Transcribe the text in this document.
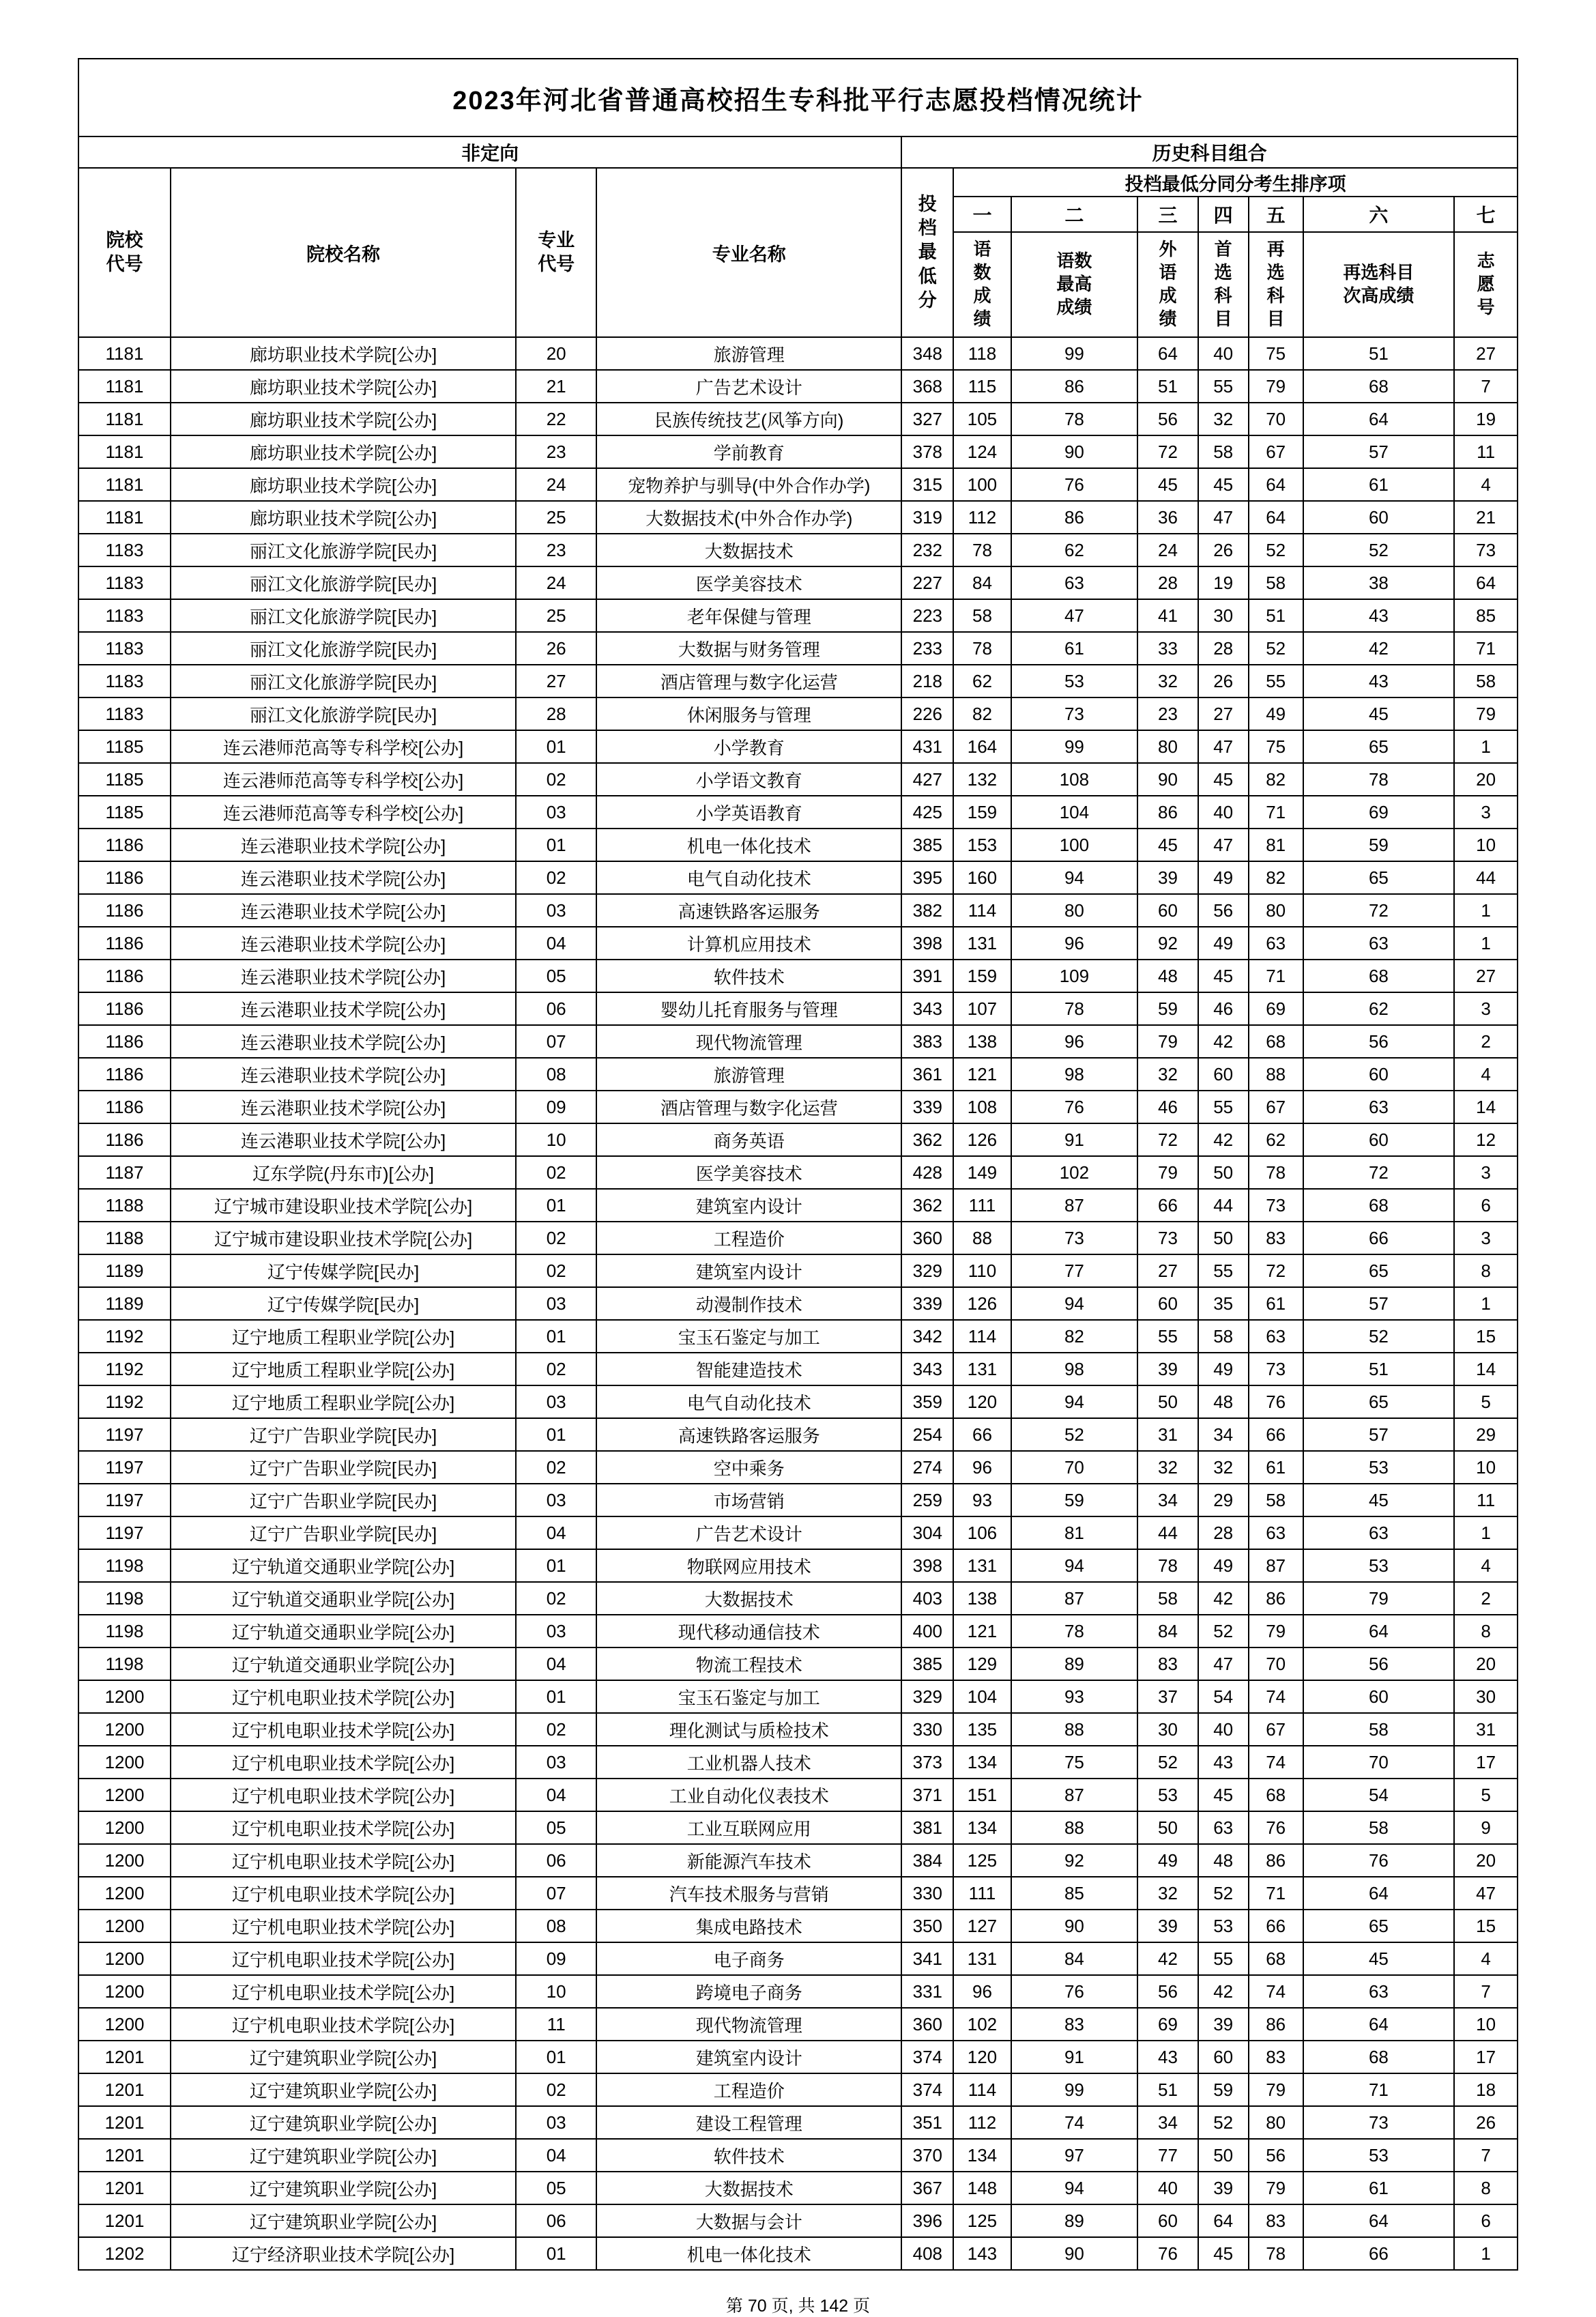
2023年河北省普通高校招生专科批平行志愿投档情况统计											
非定向				历史科目组合							
院校代号	院校名称	专业代号	专业名称	投档最低分	投档最低分同分考生排序项						
					一	二	三	四	五	六	七
					语数成绩	语数最高成绩	外语成绩	首选科目	再选科目	再选科目次高成绩	志愿号
1181	廊坊职业技术学院[公办]	20	旅游管理	348	118	99	64	40	75	51	27
1181	廊坊职业技术学院[公办]	21	广告艺术设计	368	115	86	51	55	79	68	7
1181	廊坊职业技术学院[公办]	22	民族传统技艺(风筝方向)	327	105	78	56	32	70	64	19
1181	廊坊职业技术学院[公办]	23	学前教育	378	124	90	72	58	67	57	11
1181	廊坊职业技术学院[公办]	24	宠物养护与驯导(中外合作办学)	315	100	76	45	45	64	61	4
1181	廊坊职业技术学院[公办]	25	大数据技术(中外合作办学)	319	112	86	36	47	64	60	21
1183	丽江文化旅游学院[民办]	23	大数据技术	232	78	62	24	26	52	52	73
1183	丽江文化旅游学院[民办]	24	医学美容技术	227	84	63	28	19	58	38	64
1183	丽江文化旅游学院[民办]	25	老年保健与管理	223	58	47	41	30	51	43	85
1183	丽江文化旅游学院[民办]	26	大数据与财务管理	233	78	61	33	28	52	42	71
1183	丽江文化旅游学院[民办]	27	酒店管理与数字化运营	218	62	53	32	26	55	43	58
1183	丽江文化旅游学院[民办]	28	休闲服务与管理	226	82	73	23	27	49	45	79
1185	连云港师范高等专科学校[公办]	01	小学教育	431	164	99	80	47	75	65	1
1185	连云港师范高等专科学校[公办]	02	小学语文教育	427	132	108	90	45	82	78	20
1185	连云港师范高等专科学校[公办]	03	小学英语教育	425	159	104	86	40	71	69	3
1186	连云港职业技术学院[公办]	01	机电一体化技术	385	153	100	45	47	81	59	10
1186	连云港职业技术学院[公办]	02	电气自动化技术	395	160	94	39	49	82	65	44
1186	连云港职业技术学院[公办]	03	高速铁路客运服务	382	114	80	60	56	80	72	1
1186	连云港职业技术学院[公办]	04	计算机应用技术	398	131	96	92	49	63	63	1
1186	连云港职业技术学院[公办]	05	软件技术	391	159	109	48	45	71	68	27
1186	连云港职业技术学院[公办]	06	婴幼儿托育服务与管理	343	107	78	59	46	69	62	3
1186	连云港职业技术学院[公办]	07	现代物流管理	383	138	96	79	42	68	56	2
1186	连云港职业技术学院[公办]	08	旅游管理	361	121	98	32	60	88	60	4
1186	连云港职业技术学院[公办]	09	酒店管理与数字化运营	339	108	76	46	55	67	63	14
1186	连云港职业技术学院[公办]	10	商务英语	362	126	91	72	42	62	60	12
1187	辽东学院(丹东市)[公办]	02	医学美容技术	428	149	102	79	50	78	72	3
1188	辽宁城市建设职业技术学院[公办]	01	建筑室内设计	362	111	87	66	44	73	68	6
1188	辽宁城市建设职业技术学院[公办]	02	工程造价	360	88	73	73	50	83	66	3
1189	辽宁传媒学院[民办]	02	建筑室内设计	329	110	77	27	55	72	65	8
1189	辽宁传媒学院[民办]	03	动漫制作技术	339	126	94	60	35	61	57	1
1192	辽宁地质工程职业学院[公办]	01	宝玉石鉴定与加工	342	114	82	55	58	63	52	15
1192	辽宁地质工程职业学院[公办]	02	智能建造技术	343	131	98	39	49	73	51	14
1192	辽宁地质工程职业学院[公办]	03	电气自动化技术	359	120	94	50	48	76	65	5
1197	辽宁广告职业学院[民办]	01	高速铁路客运服务	254	66	52	31	34	66	57	29
1197	辽宁广告职业学院[民办]	02	空中乘务	274	96	70	32	32	61	53	10
1197	辽宁广告职业学院[民办]	03	市场营销	259	93	59	34	29	58	45	11
1197	辽宁广告职业学院[民办]	04	广告艺术设计	304	106	81	44	28	63	63	1
1198	辽宁轨道交通职业学院[公办]	01	物联网应用技术	398	131	94	78	49	87	53	4
1198	辽宁轨道交通职业学院[公办]	02	大数据技术	403	138	87	58	42	86	79	2
1198	辽宁轨道交通职业学院[公办]	03	现代移动通信技术	400	121	78	84	52	79	64	8
1198	辽宁轨道交通职业学院[公办]	04	物流工程技术	385	129	89	83	47	70	56	20
1200	辽宁机电职业技术学院[公办]	01	宝玉石鉴定与加工	329	104	93	37	54	74	60	30
1200	辽宁机电职业技术学院[公办]	02	理化测试与质检技术	330	135	88	30	40	67	58	31
1200	辽宁机电职业技术学院[公办]	03	工业机器人技术	373	134	75	52	43	74	70	17
1200	辽宁机电职业技术学院[公办]	04	工业自动化仪表技术	371	151	87	53	45	68	54	5
1200	辽宁机电职业技术学院[公办]	05	工业互联网应用	381	134	88	50	63	76	58	9
1200	辽宁机电职业技术学院[公办]	06	新能源汽车技术	384	125	92	49	48	86	76	20
1200	辽宁机电职业技术学院[公办]	07	汽车技术服务与营销	330	111	85	32	52	71	64	47
1200	辽宁机电职业技术学院[公办]	08	集成电路技术	350	127	90	39	53	66	65	15
1200	辽宁机电职业技术学院[公办]	09	电子商务	341	131	84	42	55	68	45	4
1200	辽宁机电职业技术学院[公办]	10	跨境电子商务	331	96	76	56	42	74	63	7
1200	辽宁机电职业技术学院[公办]	11	现代物流管理	360	102	83	69	39	86	64	10
1201	辽宁建筑职业学院[公办]	01	建筑室内设计	374	120	91	43	60	83	68	17
1201	辽宁建筑职业学院[公办]	02	工程造价	374	114	99	51	59	79	71	18
1201	辽宁建筑职业学院[公办]	03	建设工程管理	351	112	74	34	52	80	73	26
1201	辽宁建筑职业学院[公办]	04	软件技术	370	134	97	77	50	56	53	7
1201	辽宁建筑职业学院[公办]	05	大数据技术	367	148	94	40	39	79	61	8
1201	辽宁建筑职业学院[公办]	06	大数据与会计	396	125	89	60	64	83	64	6
1202	辽宁经济职业技术学院[公办]	01	机电一体化技术	408	143	90	76	45	78	66	1
第 70 页, 共 142 页
